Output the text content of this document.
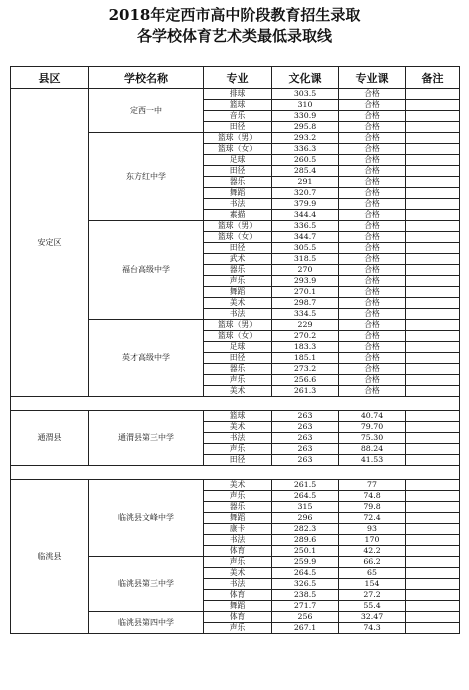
2018年定西市高中阶段教育招生录取
各学校体育艺术类最低录取线
县区	学校名称	专业	文化课	专业课	备注
安定区	定西一中	排球	303.5	合格	
		篮球	310	合格	
		音乐	330.9	合格	
		田径	295.8	合格	
	东方红中学	篮球（男）	293.2	合格	
		篮球（女）	336.3	合格	
		足球	260.5	合格	
		田径	285.4	合格	
		器乐	291	合格	
		舞蹈	320.7	合格	
		书法	379.9	合格	
		素描	344.4	合格	
	福台高级中学	篮球（男）	336.5	合格	
		篮球（女）	344.7	合格	
		田径	305.5	合格	
		武术	318.5	合格	
		器乐	270	合格	
		声乐	293.9	合格	
		舞蹈	270.1	合格	
		美术	298.7	合格	
		书法	334.5	合格	
	英才高级中学	篮球（男）	229	合格	
		篮球（女）	270.2	合格	
		足球	183.3	合格	
		田径	185.1	合格	
		器乐	273.2	合格	
		声乐	256.6	合格	
		美术	261.3	合格	

通渭县	通渭县第三中学	篮球	263	40.74	
		美术	263	79.70	
		书法	263	75.30	
		声乐	263	88.24	
		田径	263	41.53	

临洮县	临洮县文峰中学	美术	261.5	77	
		声乐	264.5	74.8	
		器乐	315	79.8	
		舞蹈	296	72.4	
		康卡	282.3	93	
		书法	289.6	170	
		体育	250.1	42.2	
	临洮县第三中学	声乐	259.9	66.2	
		美术	264.5	65	
		书法	326.5	154	
		体育	238.5	27.2	
		舞蹈	271.7	55.4	
	临洮县第四中学	体育	256	32.47	
		声乐	267.1	74.3	
